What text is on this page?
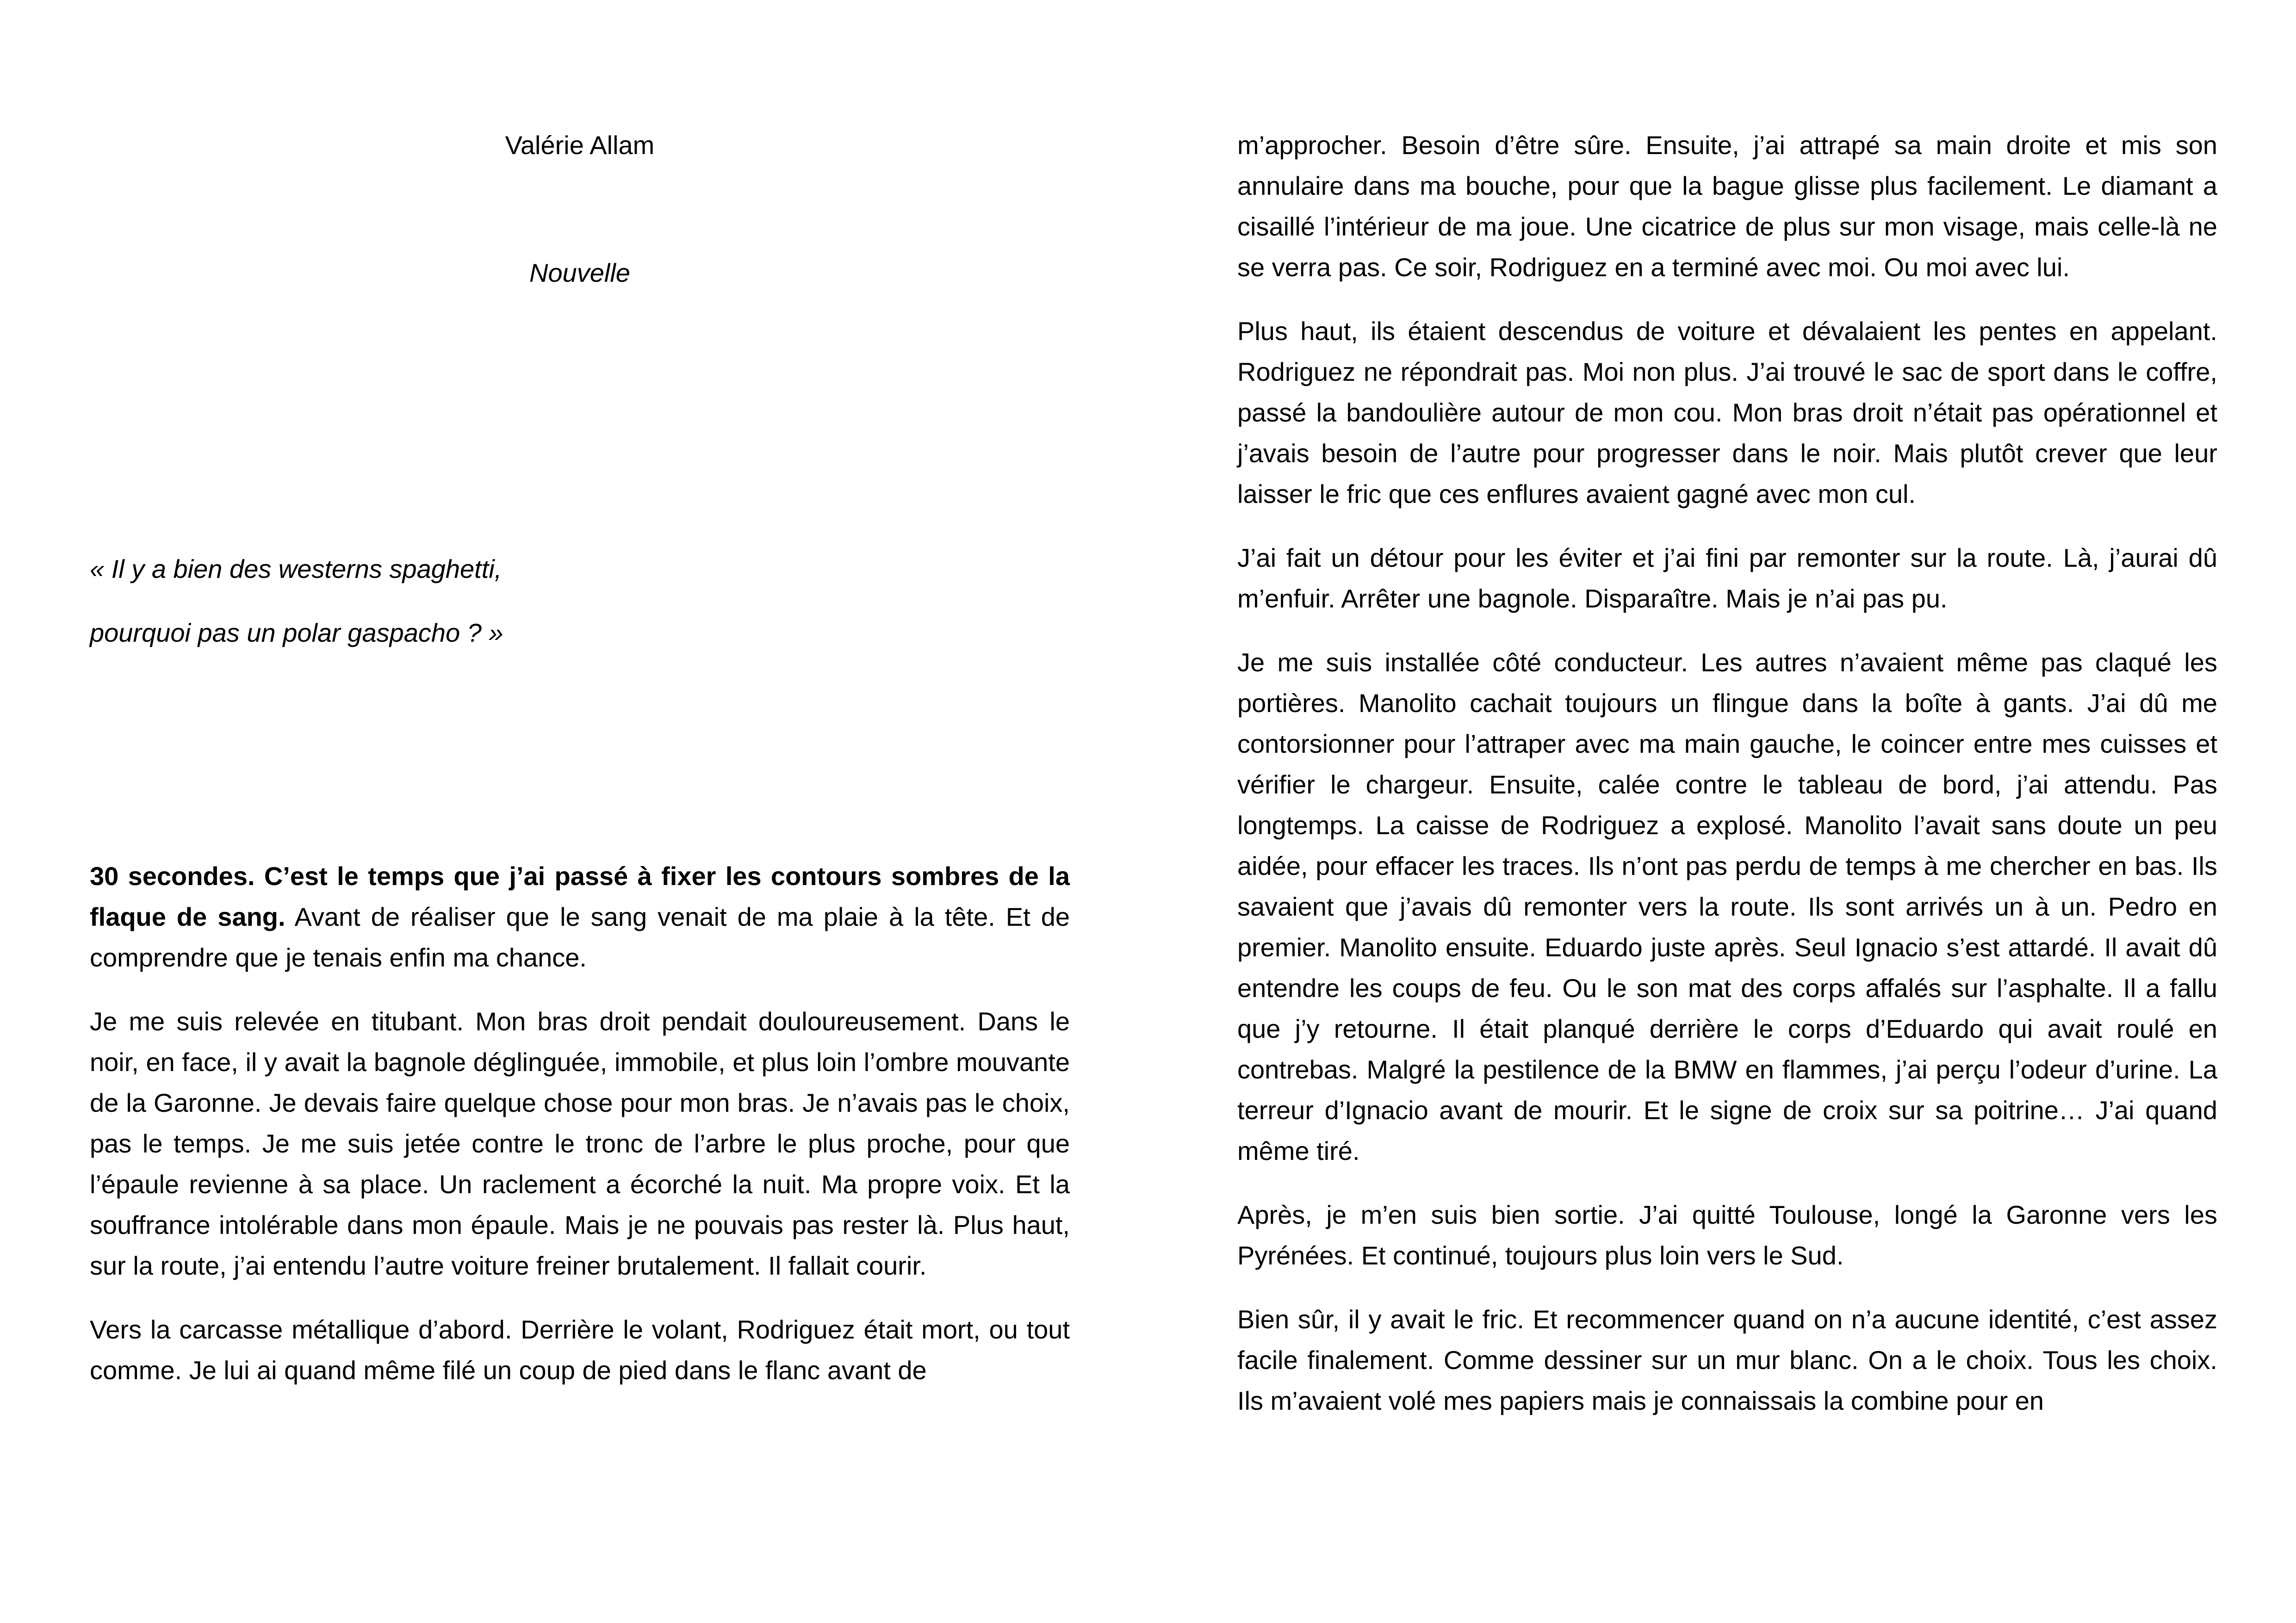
Valérie Allam

Nouvelle

« Il y a bien des westerns spaghetti,

pourquoi pas un polar gaspacho ? »

30 secondes. C’est le temps que j’ai passé à fixer les contours sombres de la flaque de sang. Avant de réaliser que le sang venait de ma plaie à la tête. Et de comprendre que je tenais enfin ma chance.

Je me suis relevée en titubant. Mon bras droit pendait douloureusement. Dans le noir, en face, il y avait la bagnole déglinguée, immobile, et plus loin l’ombre mouvante de la Garonne. Je devais faire quelque chose pour mon bras. Je n’avais pas le choix, pas le temps. Je me suis jetée contre le tronc de l’arbre le plus proche, pour que l’épaule revienne à sa place. Un raclement a écorché la nuit. Ma propre voix. Et la souffrance intolérable dans mon épaule. Mais je ne pouvais pas rester là. Plus haut, sur la route, j’ai entendu l’autre voiture freiner brutalement. Il fallait courir.

Vers la carcasse métallique d’abord. Derrière le volant, Rodriguez était mort, ou tout comme. Je lui ai quand même filé un coup de pied dans le flanc avant de

m’approcher. Besoin d’être sûre. Ensuite, j’ai attrapé sa main droite et mis son annulaire dans ma bouche, pour que la bague glisse plus facilement. Le diamant a cisaillé l’intérieur de ma joue. Une cicatrice de plus sur mon visage, mais celle-là ne se verra pas. Ce soir, Rodriguez en a terminé avec moi. Ou moi avec lui.

Plus haut, ils étaient descendus de voiture et dévalaient les pentes en appelant. Rodriguez ne répondrait pas. Moi non plus. J’ai trouvé le sac de sport dans le coffre, passé la bandoulière autour de mon cou. Mon bras droit n’était pas opérationnel et j’avais besoin de l’autre pour progresser dans le noir. Mais plutôt crever que leur laisser le fric que ces enflures avaient gagné avec mon cul.

J’ai fait un détour pour les éviter et j’ai fini par remonter sur la route. Là, j’aurai dû m’enfuir. Arrêter une bagnole. Disparaître. Mais je n’ai pas pu.

Je me suis installée côté conducteur. Les autres n’avaient même pas claqué les portières. Manolito cachait toujours un flingue dans la boîte à gants. J’ai dû me contorsionner pour l’attraper avec ma main gauche, le coincer entre mes cuisses et vérifier le chargeur. Ensuite, calée contre le tableau de bord, j’ai attendu. Pas longtemps. La caisse de Rodriguez a explosé. Manolito l’avait sans doute un peu aidée, pour effacer les traces. Ils n’ont pas perdu de temps à me chercher en bas. Ils savaient que j’avais dû remonter vers la route. Ils sont arrivés un à un. Pedro en premier. Manolito ensuite. Eduardo juste après. Seul Ignacio s’est attardé. Il avait dû entendre les coups de feu. Ou le son mat des corps affalés sur l’asphalte. Il a fallu que j’y retourne. Il était planqué derrière le corps d’Eduardo qui avait roulé en contrebas. Malgré la pestilence de la BMW en flammes, j’ai perçu l’odeur d’urine. La terreur d’Ignacio avant de mourir. Et le signe de croix sur sa poitrine… J’ai quand même tiré.

Après, je m’en suis bien sortie. J’ai quitté Toulouse, longé la Garonne vers les Pyrénées. Et continué, toujours plus loin vers le Sud.

Bien sûr, il y avait le fric. Et recommencer quand on n’a aucune identité, c’est assez facile finalement. Comme dessiner sur un mur blanc. On a le choix. Tous les choix. Ils m’avaient volé mes papiers mais je connaissais la combine pour en
